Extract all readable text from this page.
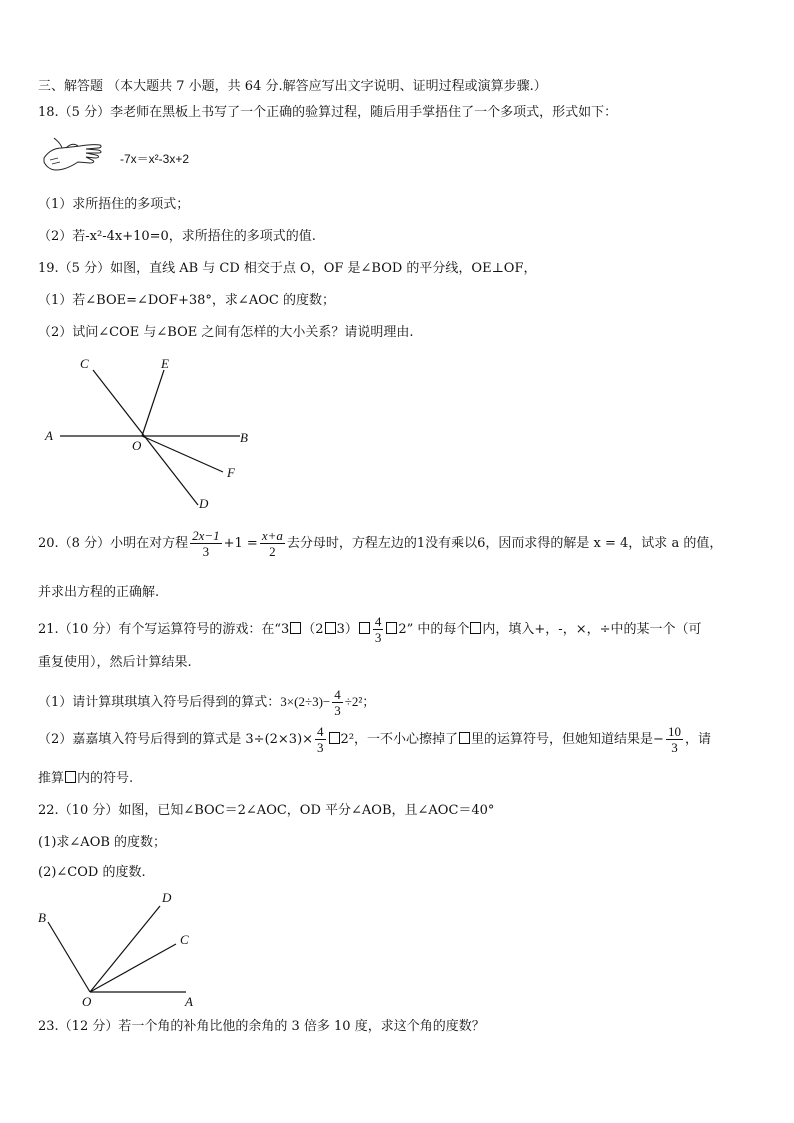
三、解答题 （本大题共 7 小题，共 64 分.解答应写出文字说明、证明过程或演算步骤.）
18.（5 分）李老师在黑板上书写了一个正确的验算过程，随后用手掌捂住了一个多项式，形式如下：
-7x＝x²-3x+2
（1）求所捂住的多项式；
（2）若-x²-4x+10=0，求所捂住的多项式的值.
19.（5 分）如图，直线 AB 与 CD 相交于点 O，OF 是∠BOD 的平分线，OE⊥OF，
（1）若∠BOE=∠DOF+38°，求∠AOC 的度数；
（2）试问∠COE 与∠BOE 之间有怎样的大小关系？请说明理由.
C	E
A
O
B
F
D
20.（8 分）小明在对方程 $\frac{2x-1}{3} +1 = \frac{x+a}{2}$ 去分母时，方程左边的1没有乘以6，因而求得的解是 x = 4，试求 a 的值，
并求出方程的正确解.
21.（10 分）有个写运算符号的游戏：在“3 （2 $3) \frac{4}{3} 2$” 中的每个 内，填入+，-，×，÷中的某一个（可
重复使用），然后计算结果.
（1）请计算琪琪填入符号后得到的算式：$3\times(2\div 3)- \frac{4}{3} \div 2^2$；
（2）嘉嘉填入符号后得到的算式是 $3\div(2\times 3)\times \frac{4}{3} 2^2$，一不小心擦掉了 里的运算符号，但她知道结果是− $\frac{10}{3}$ ，请
推算 内的符号.
22.（10 分）如图，已知∠BOC＝2∠AOC，OD 平分∠AOB，且∠AOC＝40°
(1)求∠AOB 的度数；
(2)∠COD 的度数.
B
D
C
O	A
23.（12 分）若一个角的补角比他的余角的 3 倍多 10 度，求这个角的度数？
